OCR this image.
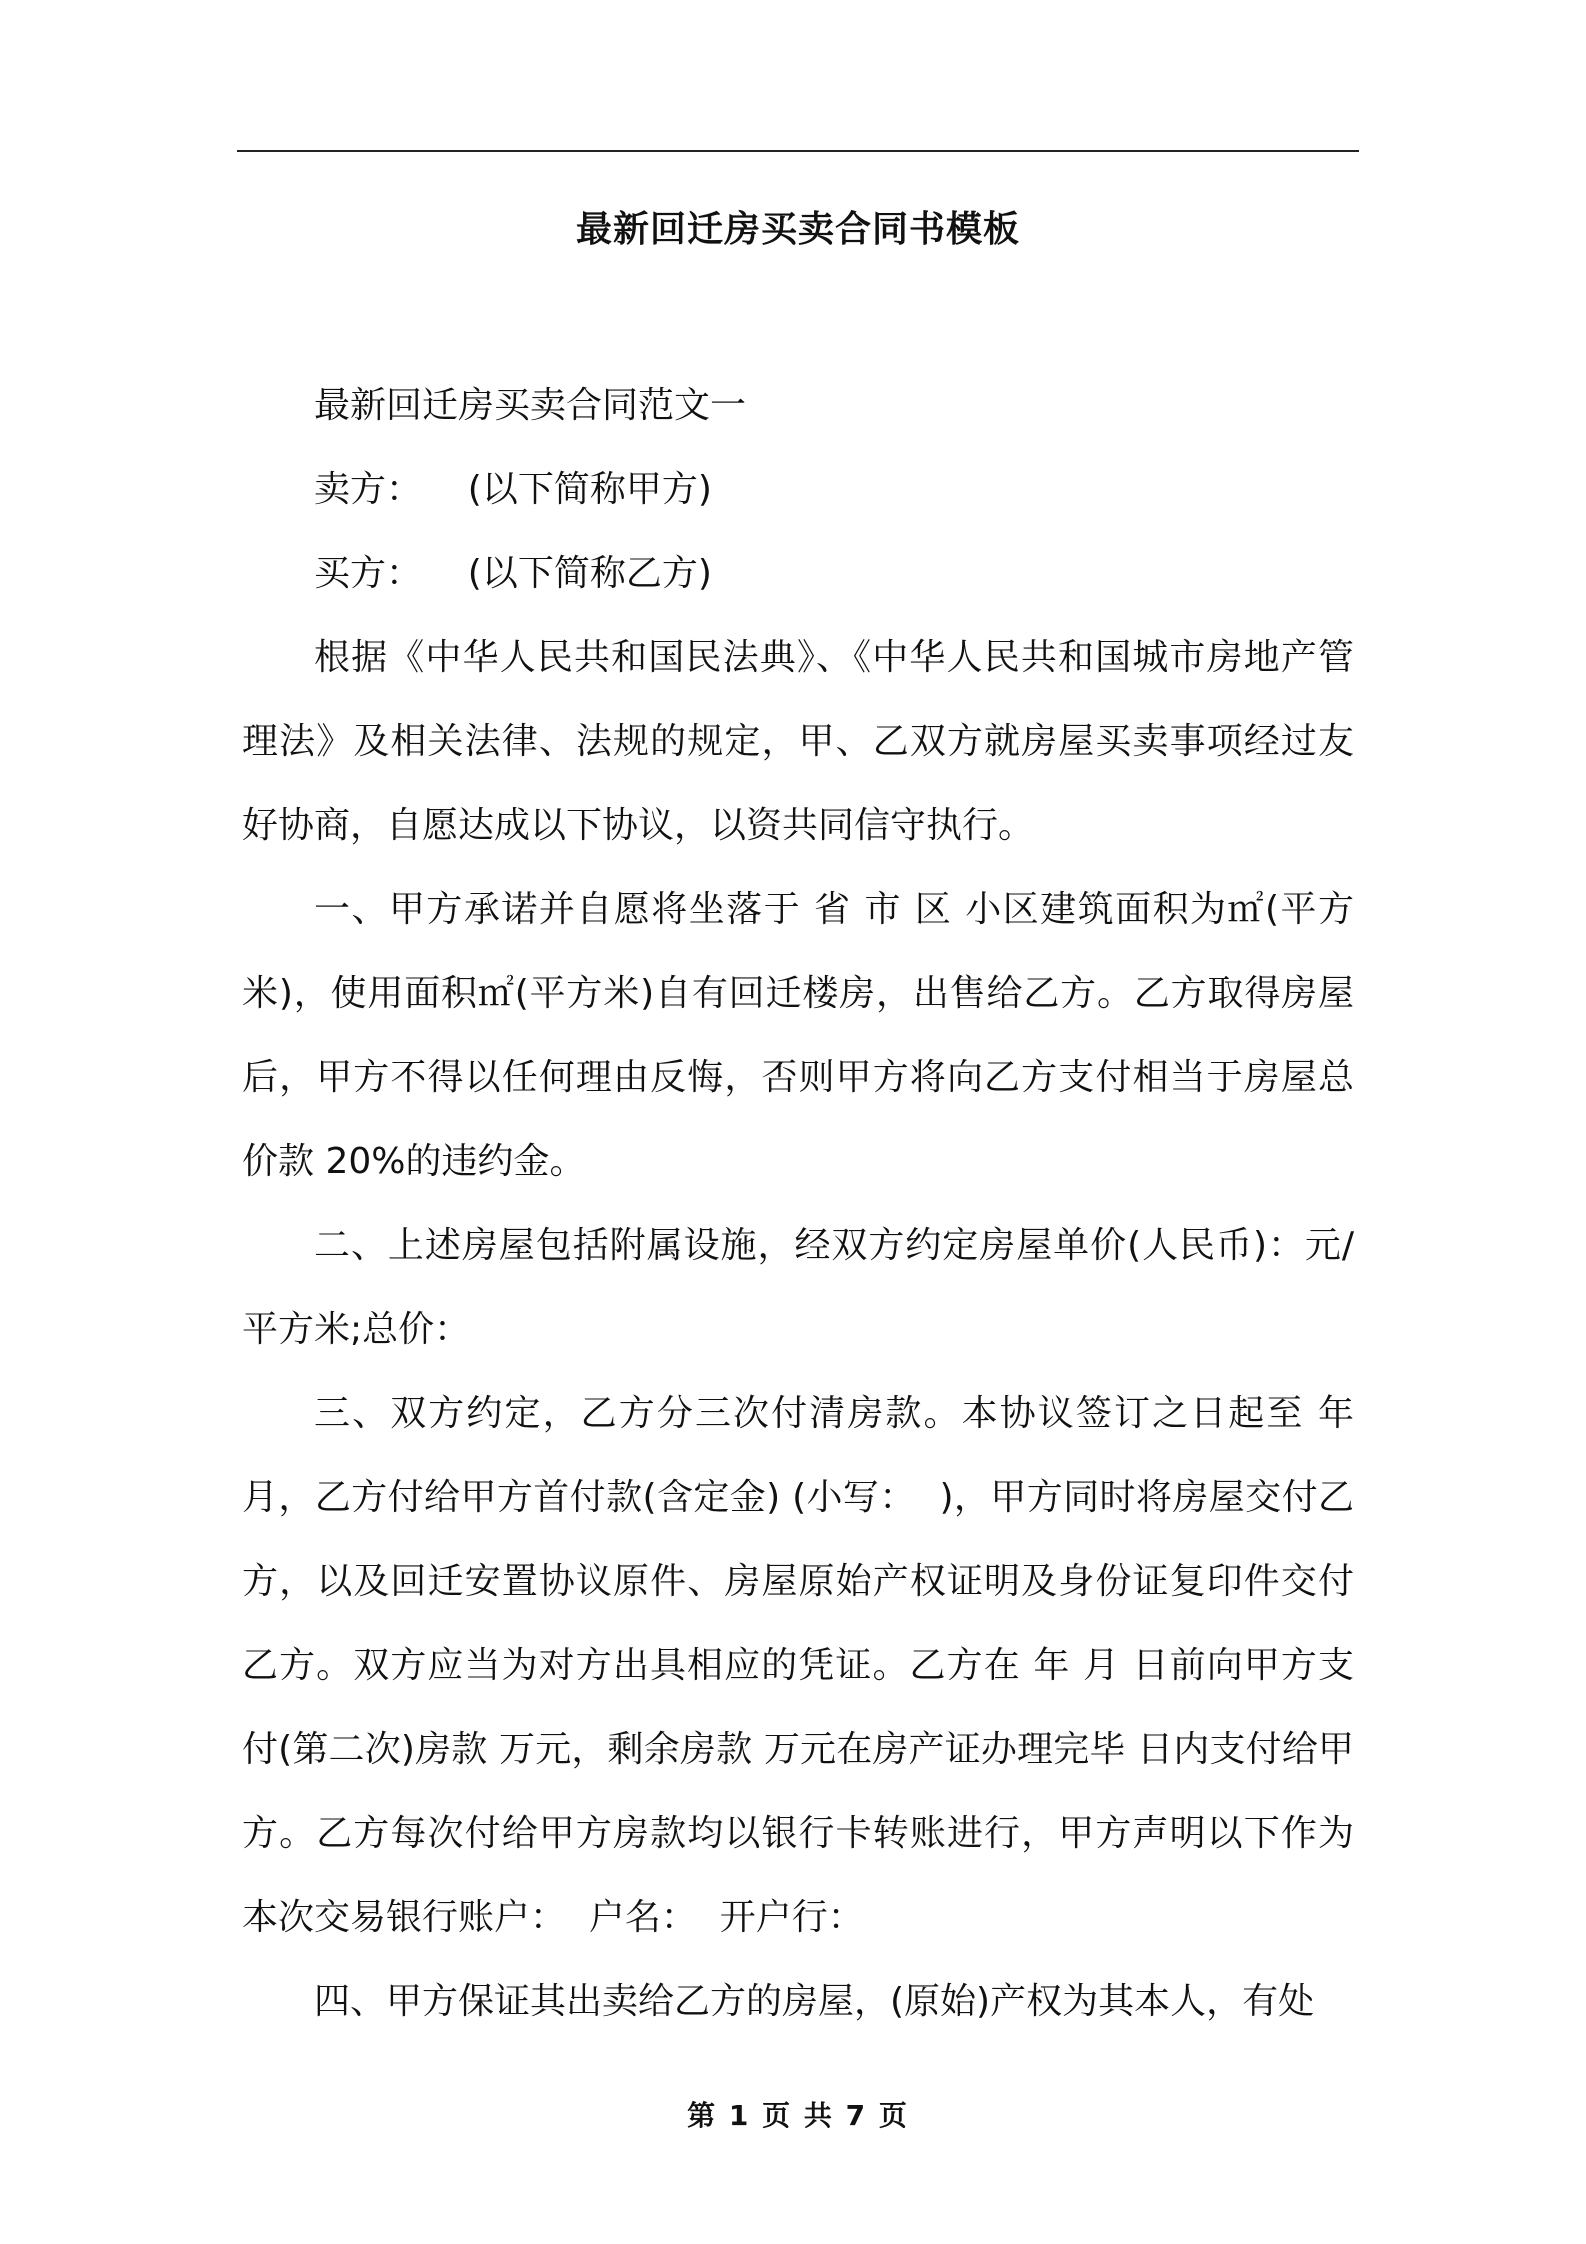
最新回迁房买卖合同书模板

最新回迁房买卖合同范文一

卖方：    (以下简称甲方)

买方：    (以下简称乙方)

根据《中华人民共和国民法典》、《中华人民共和国城市房地产管理法》及相关法律、法规的规定，甲、乙双方就房屋买卖事项经过友好协商，自愿达成以下协议，以资共同信守执行。

一、甲方承诺并自愿将坐落于 省 市 区 小区建筑面积为㎡(平方米)，使用面积㎡(平方米)自有回迁楼房，出售给乙方。乙方取得房屋后，甲方不得以任何理由反悔，否则甲方将向乙方支付相当于房屋总价款 20%的违约金。

二、上述房屋包括附属设施，经双方约定房屋单价(人民币)：元/平方米;总价：

三、双方约定，乙方分三次付清房款。本协议签订之日起至 年 月，乙方付给甲方首付款(含定金) (小写：  )，甲方同时将房屋交付乙方，以及回迁安置协议原件、房屋原始产权证明及身份证复印件交付乙方。双方应当为对方出具相应的凭证。乙方在 年 月 日前向甲方支付(第二次)房款 万元，剩余房款 万元在房产证办理完毕 日内支付给甲方。乙方每次付给甲方房款均以银行卡转账进行，甲方声明以下作为本次交易银行账户：  户名：  开户行：

四、甲方保证其出卖给乙方的房屋，(原始)产权为其本人，有处

第 1 页 共 7 页
